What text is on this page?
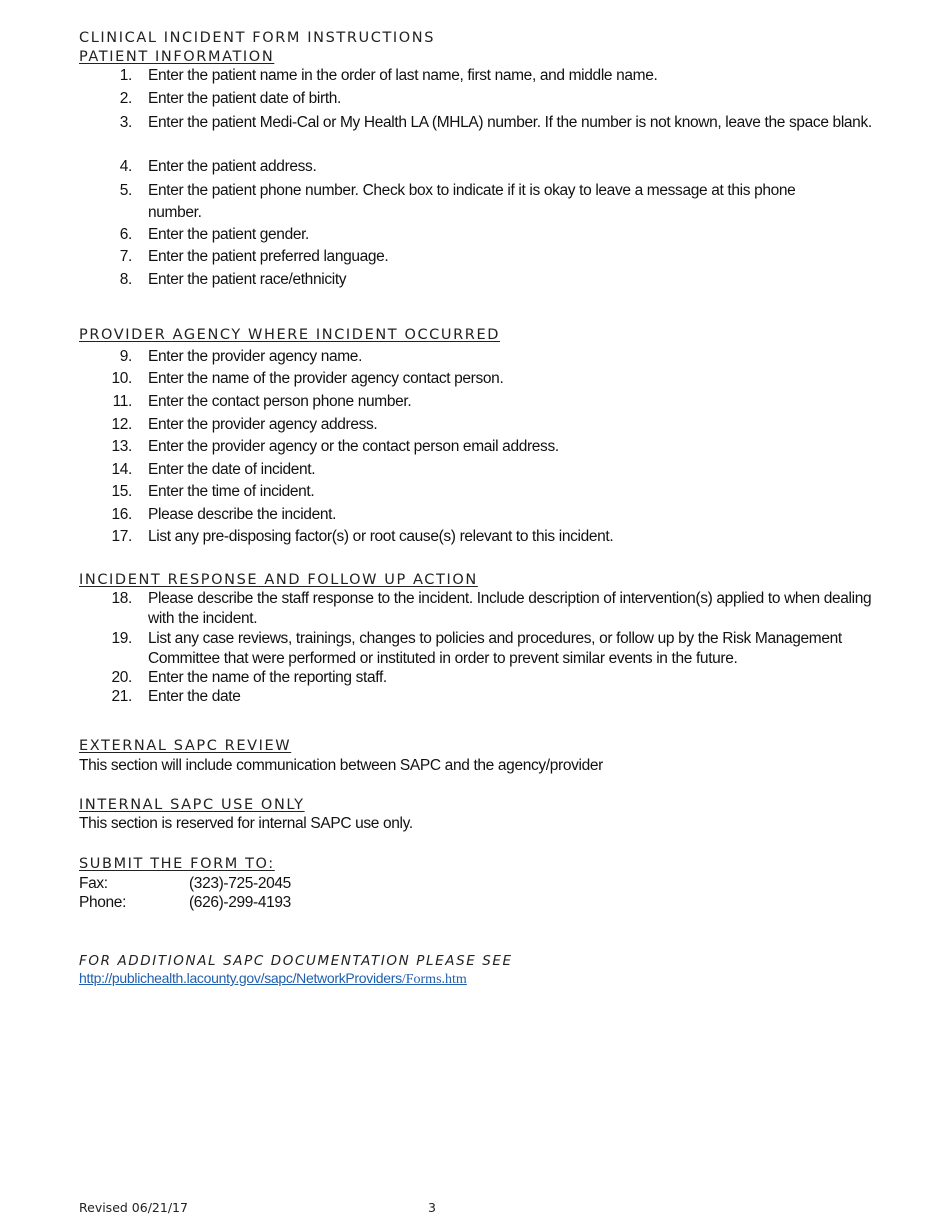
CLINICAL INCIDENT FORM INSTRUCTIONS
PATIENT INFORMATION
1. Enter the patient name in the order of last name, first name, and middle name.
2. Enter the patient date of birth.
3. Enter the patient Medi-Cal or My Health LA (MHLA) number. If the number is not known, leave the space blank.
4. Enter the patient address.
5. Enter the patient phone number. Check box to indicate if it is okay to leave a message at this phone number.
6. Enter the patient gender.
7. Enter the patient preferred language.
8. Enter the patient race/ethnicity
PROVIDER AGENCY WHERE INCIDENT OCCURRED
9. Enter the provider agency name.
10. Enter the name of the provider agency contact person.
11. Enter the contact person phone number.
12. Enter the provider agency address.
13. Enter the provider agency or the contact person email address.
14. Enter the date of incident.
15. Enter the time of incident.
16. Please describe the incident.
17. List any pre-disposing factor(s) or root cause(s) relevant to this incident.
INCIDENT RESPONSE AND FOLLOW UP ACTION
18. Please describe the staff response to the incident. Include description of intervention(s) applied to when dealing with the incident.
19. List any case reviews, trainings, changes to policies and procedures, or follow up by the Risk Management Committee that were performed or instituted in order to prevent similar events in the future.
20. Enter the name of the reporting staff.
21. Enter the date
EXTERNAL SAPC REVIEW
This section will include communication between SAPC and the agency/provider
INTERNAL SAPC USE ONLY
This section is reserved for internal SAPC use only.
SUBMIT THE FORM TO:
Fax:	(323)-725-2045
Phone:	(626)-299-4193
FOR ADDITIONAL SAPC DOCUMENTATION PLEASE SEE
http://publichealth.lacounty.gov/sapc/NetworkProviders/Forms.htm
Revised 06/21/17	3
